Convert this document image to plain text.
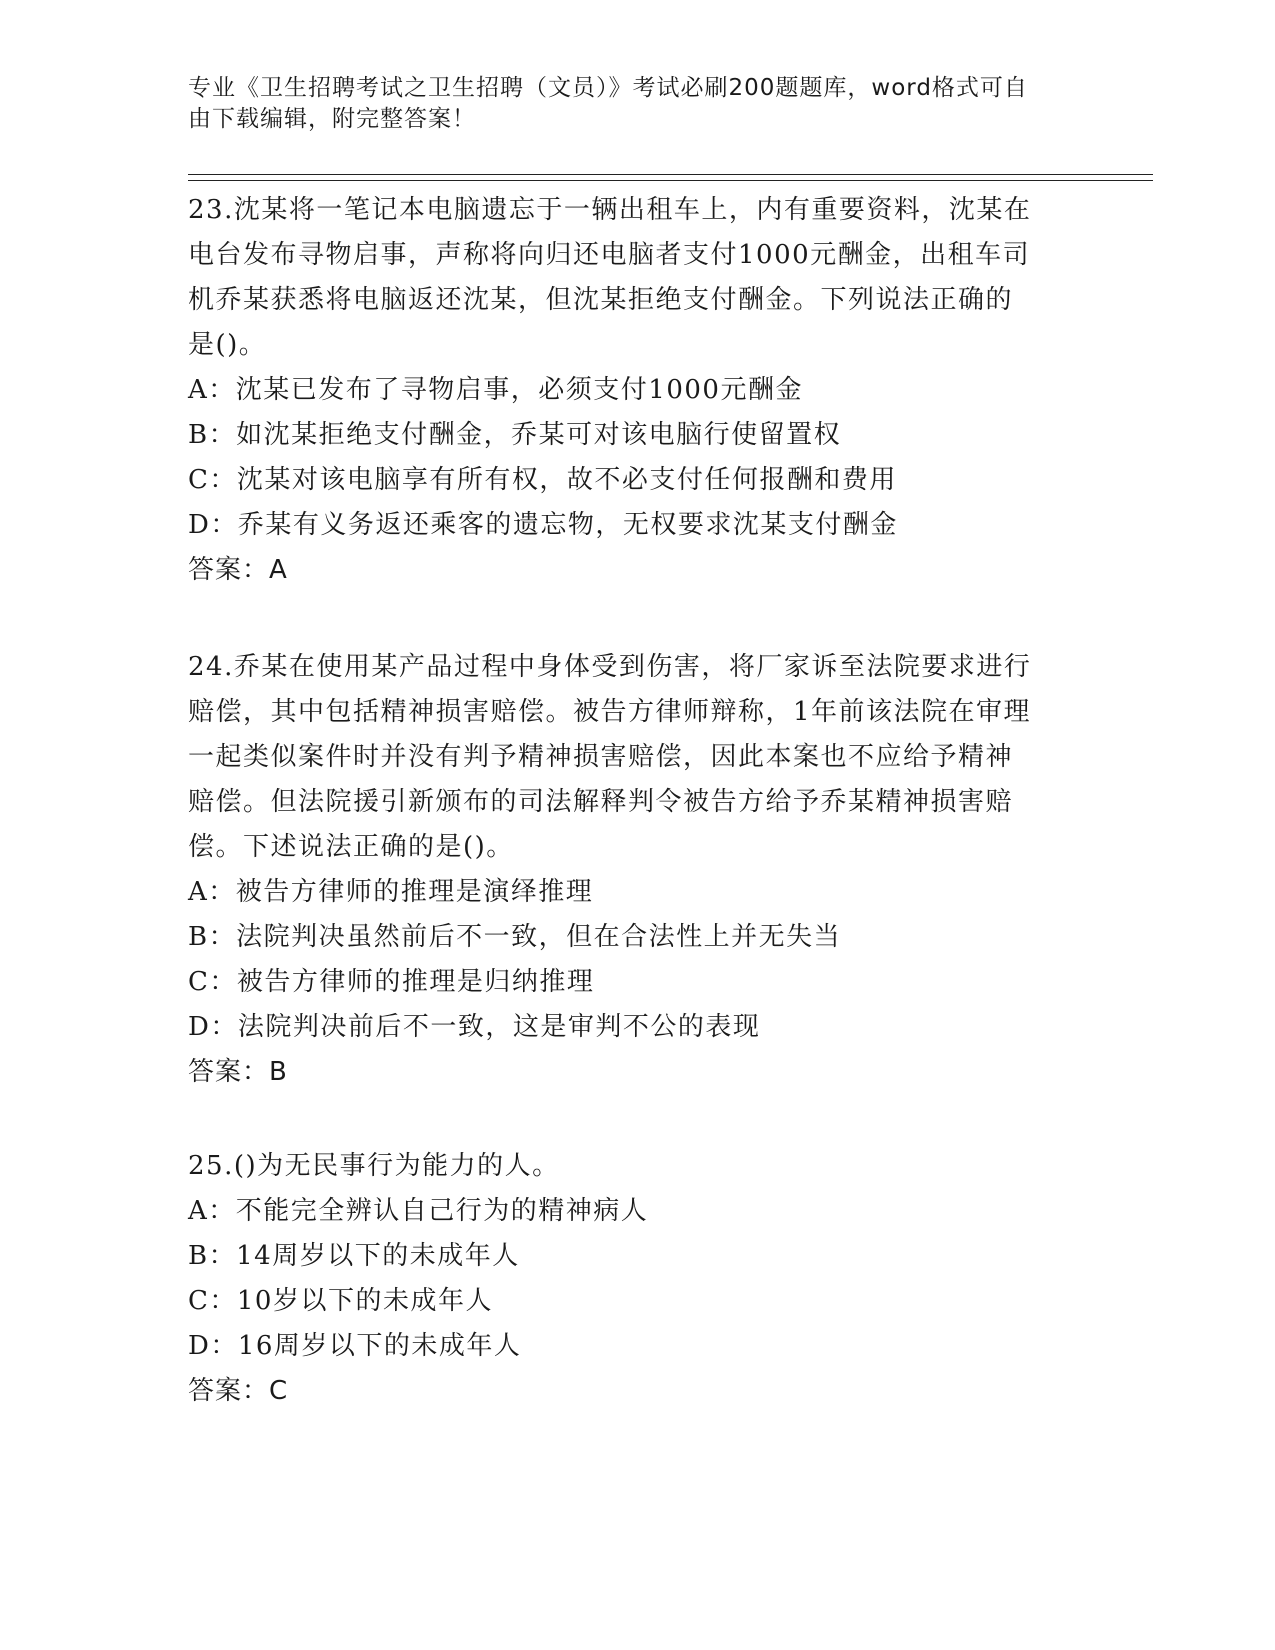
专业《卫生招聘考试之卫生招聘（文员）》考试必刷200题题库，word格式可自
由下载编辑，附完整答案！
23.沈某将一笔记本电脑遗忘于一辆出租车上，内有重要资料，沈某在
电台发布寻物启事，声称将向归还电脑者支付1000元酬金，出租车司
机乔某获悉将电脑返还沈某，但沈某拒绝支付酬金。下列说法正确的
是()。
A：沈某已发布了寻物启事，必须支付1000元酬金
B：如沈某拒绝支付酬金，乔某可对该电脑行使留置权
C：沈某对该电脑享有所有权，故不必支付任何报酬和费用
D：乔某有义务返还乘客的遗忘物，无权要求沈某支付酬金
答案：A
24.乔某在使用某产品过程中身体受到伤害，将厂家诉至法院要求进行
赔偿，其中包括精神损害赔偿。被告方律师辩称，1年前该法院在审理
一起类似案件时并没有判予精神损害赔偿，因此本案也不应给予精神
赔偿。但法院援引新颁布的司法解释判令被告方给予乔某精神损害赔
偿。下述说法正确的是()。
A：被告方律师的推理是演绎推理
B：法院判决虽然前后不一致，但在合法性上并无失当
C：被告方律师的推理是归纳推理
D：法院判决前后不一致，这是审判不公的表现
答案：B
25.()为无民事行为能力的人。
A：不能完全辨认自己行为的精神病人
B：14周岁以下的未成年人
C：10岁以下的未成年人
D：16周岁以下的未成年人
答案：C
